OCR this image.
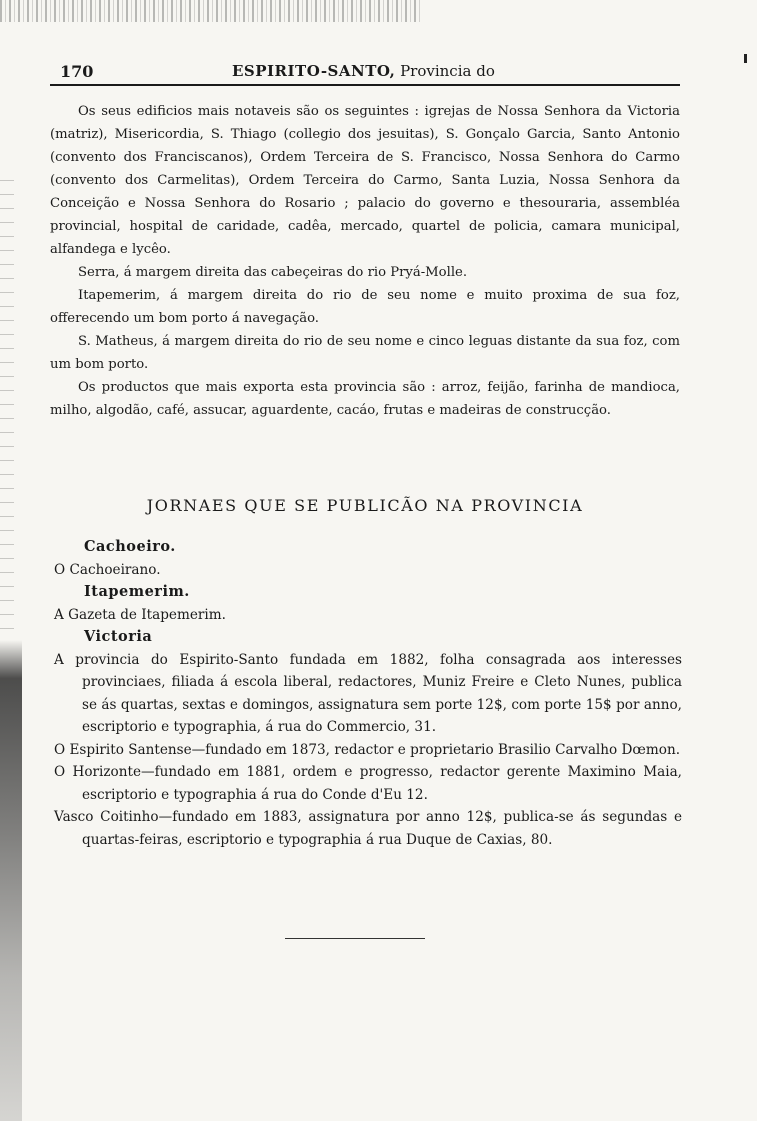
170	ESPIRITO-SANTO, Provincia do

Os seus edificios mais notaveis são os seguintes : igrejas de Nossa Senhora da Victoria (matriz), Misericordia, S. Thiago (collegio dos jesuitas), S. Gonçalo Garcia, Santo Antonio (convento dos Franciscanos), Ordem Terceira de S. Francisco, Nossa Senhora do Carmo (convento dos Carmelitas), Ordem Terceira do Carmo, Santa Luzia, Nossa Senhora da Conceição e Nossa Senhora do Rosario ; palacio do governo e thesouraria, assembléa provincial, hospital de caridade, cadêa, mercado, quartel de policia, camara municipal, alfandega e lycêo.

Serra, á margem direita das cabeçeiras do rio Pryá-Molle.

Itapemerim, á margem direita do rio de seu nome e muito proxima de sua foz, offerecendo um bom porto á navegação.

S. Matheus, á margem direita do rio de seu nome e cinco leguas distante da sua foz, com um bom porto.

Os productos que mais exporta esta provincia são : arroz, feijão, farinha de mandioca, milho, algodão, café, assucar, aguardente, cacáo, frutas e madeiras de construcção.

JORNAES QUE SE PUBLICÃO NA PROVINCIA

Cachoeiro.

O Cachoeirano.

Itapemerim.

A Gazeta de Itapemerim.

Victoria

A provincia do Espirito-Santo fundada em 1882, folha consagrada aos interesses provinciaes, filiada á escola liberal, redactores, Muniz Freire e Cleto Nunes, publica se ás quartas, sextas e domingos, assignatura sem porte 12$, com porte 15$ por anno, escriptorio e typographia, á rua do Commercio, 31.

O Espirito Santense—fundado em 1873, redactor e proprietario Brasilio Carvalho Dœmon.

O Horizonte—fundado em 1881, ordem e progresso, redactor gerente Maximino Maia, escriptorio e typographia á rua do Conde d'Eu 12.

Vasco Coitinho—fundado em 1883, assignatura por anno 12$, publica-se ás segundas e quartas-feiras, escriptorio e typographia á rua Duque de Caxias, 80.
